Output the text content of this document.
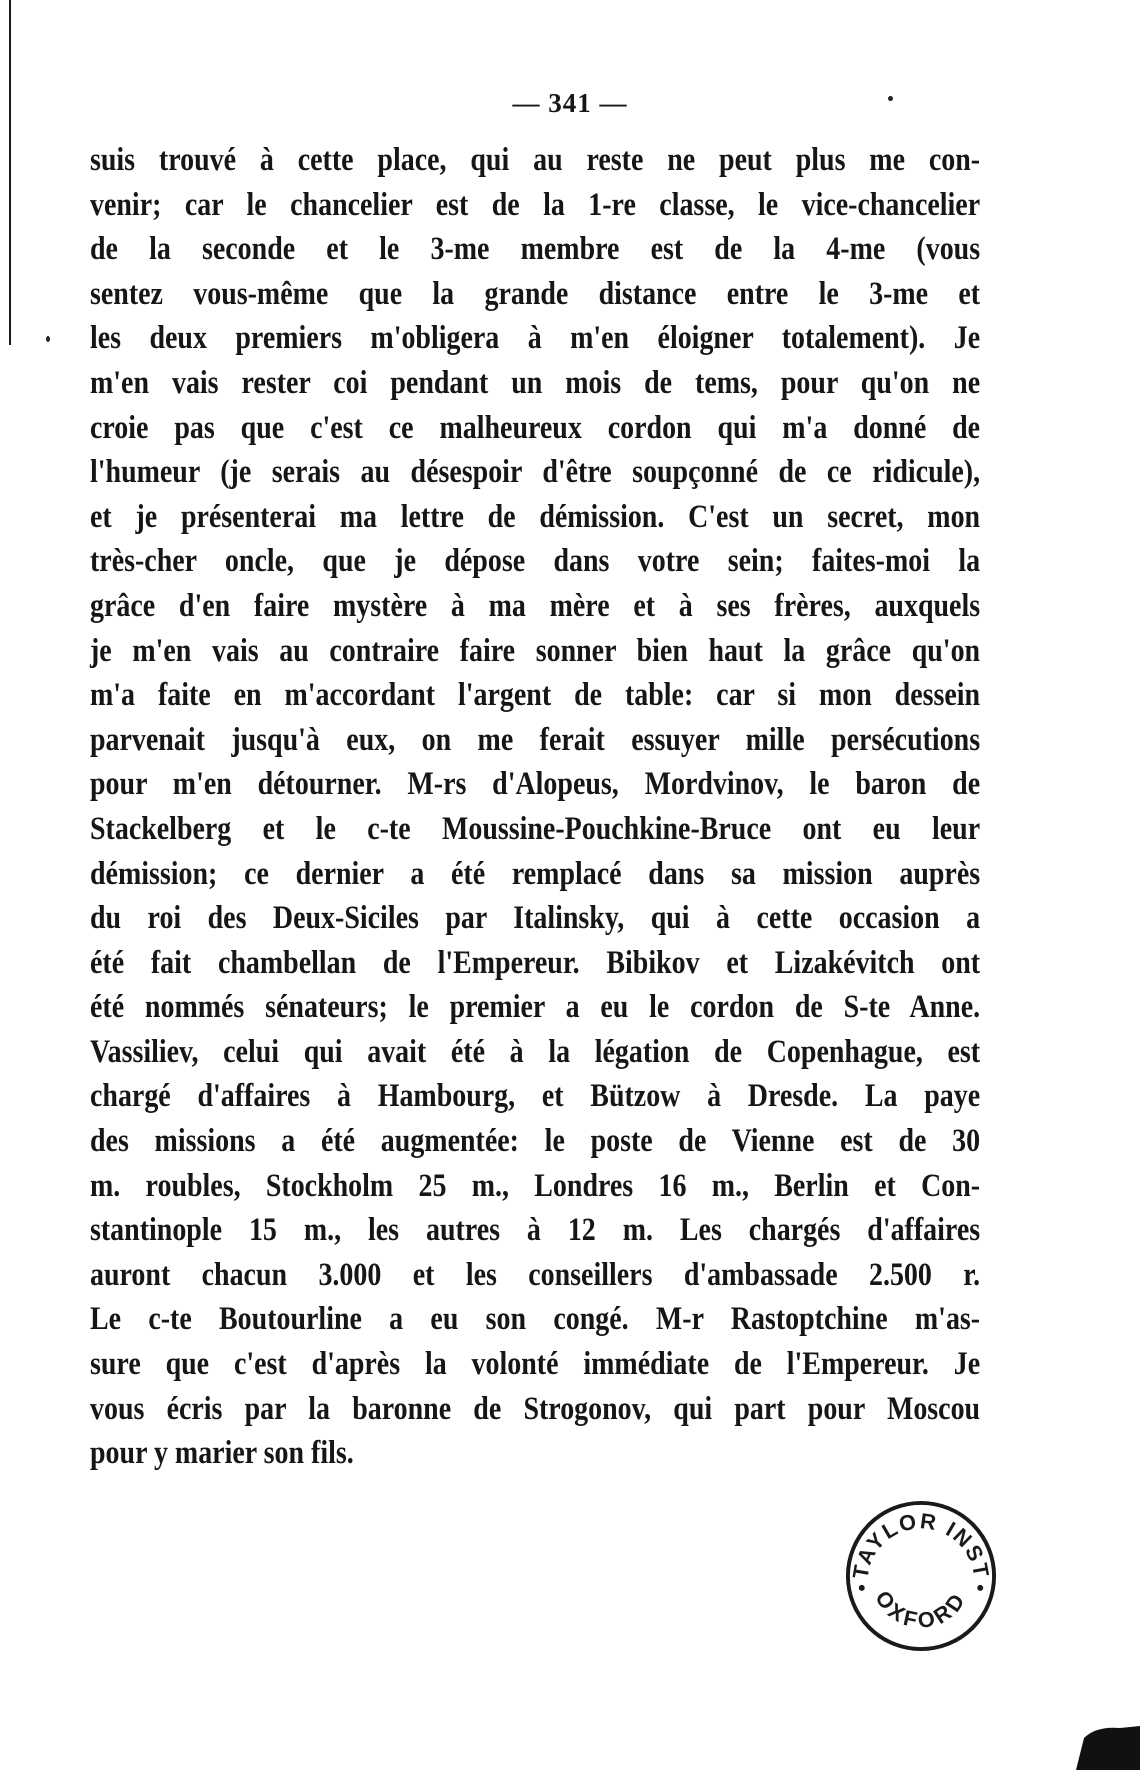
— 341 —
suis trouvé à cette place, qui au reste ne peut plus me con-
venir; car le chancelier est de la 1-re classe, le vice-chancelier
de la seconde et le 3-me membre est de la 4-me (vous
sentez vous-même que la grande distance entre le 3-me et
les deux premiers m'obligera à m'en éloigner totalement). Je
m'en vais rester coi pendant un mois de tems, pour qu'on ne
croie pas que c'est ce malheureux cordon qui m'a donné de
l'humeur (je serais au désespoir d'être soupçonné de ce ridicule),
et je présenterai ma lettre de démission. C'est un secret, mon
très-cher oncle, que je dépose dans votre sein; faites-moi la
grâce d'en faire mystère à ma mère et à ses frères, auxquels
je m'en vais au contraire faire sonner bien haut la grâce qu'on
m'a faite en m'accordant l'argent de table: car si mon dessein
parvenait jusqu'à eux, on me ferait essuyer mille persécutions
pour m'en détourner. M-rs d'Alopeus, Mordvinov, le baron de
Stackelberg et le c-te Moussine-Pouchkine-Bruce ont eu leur
démission; ce dernier a été remplacé dans sa mission auprès
du roi des Deux-Siciles par Italinsky, qui à cette occasion a
été fait chambellan de l'Empereur. Bibikov et Lizakévitch ont
été nommés sénateurs; le premier a eu le cordon de S-te Anne.
Vassiliev, celui qui avait été à la légation de Copenhague, est
chargé d'affaires à Hambourg, et Bützow à Dresde. La paye
des missions a été augmentée: le poste de Vienne est de 30
m. roubles, Stockholm 25 m., Londres 16 m., Berlin et Con-
stantinople 15 m., les autres à 12 m. Les chargés d'affaires
auront chacun 3.000 et les conseillers d'ambassade 2.500 r.
Le c-te Boutourline a eu son congé. M-r Rastoptchine m'as-
sure que c'est d'après la volonté immédiate de l'Empereur. Je
vous écris par la baronne de Strogonov, qui part pour Moscou
pour y marier son fils.
TAYLOR INST
OXFORD
